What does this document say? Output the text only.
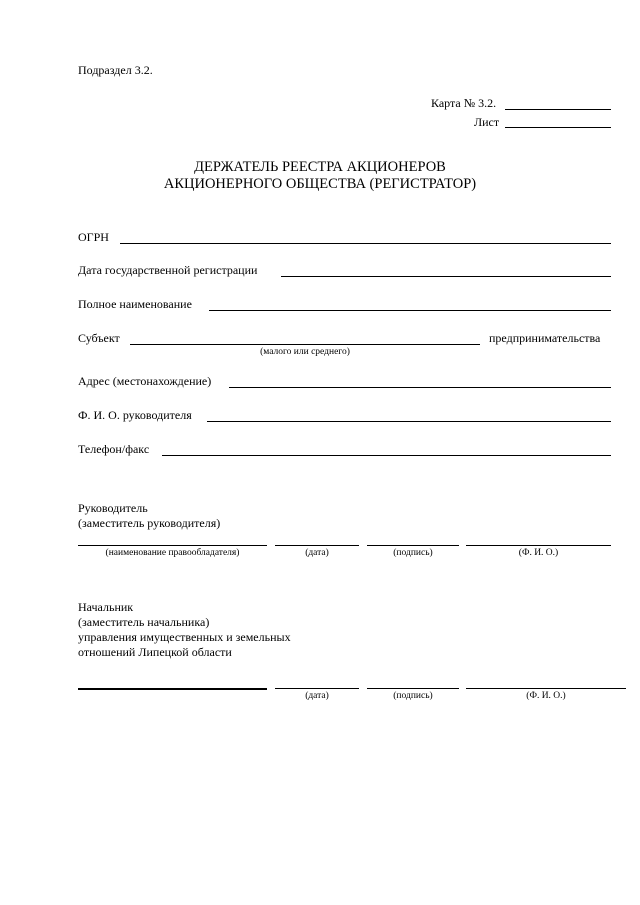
Подраздел 3.2.
Карта № 3.2.
Лист
ДЕРЖАТЕЛЬ РЕЕСТРА АКЦИОНЕРОВ
АКЦИОНЕРНОГО ОБЩЕСТВА (РЕГИСТРАТОР)
ОГРН
Дата государственной регистрации
Полное наименование
Субъект	предпринимательства
(малого или среднего)
Адрес (местонахождение)
Ф. И. О. руководителя
Телефон/факс
Руководитель
(заместитель руководителя)
(наименование правообладателя)	(дата)	(подпись)	(Ф. И. О.)
Начальник
(заместитель начальника)
управления имущественных и земельных
отношений Липецкой области
(дата)	(подпись)	(Ф. И. О.)
